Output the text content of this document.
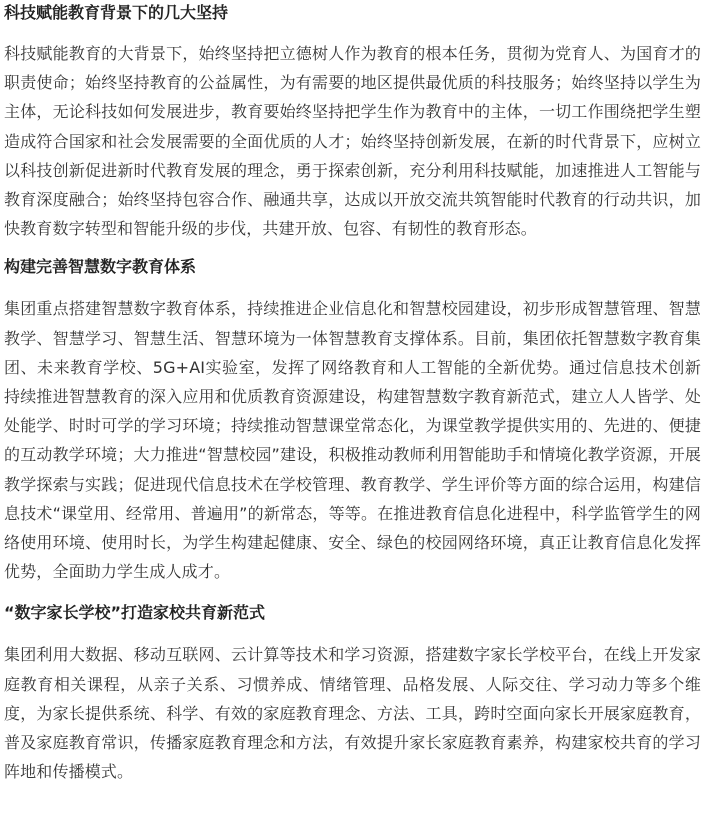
科技赋能教育背景下的几大坚持

科技赋能教育的大背景下，始终坚持把立德树人作为教育的根本任务，贯彻为党育人、为国育才的职责使命；始终坚持教育的公益属性，为有需要的地区提供最优质的科技服务；始终坚持以学生为主体，无论科技如何发展进步，教育要始终坚持把学生作为教育中的主体，一切工作围绕把学生塑造成符合国家和社会发展需要的全面优质的人才；始终坚持创新发展，在新的时代背景下，应树立以科技创新促进新时代教育发展的理念，勇于探索创新，充分利用科技赋能，加速推进人工智能与教育深度融合；始终坚持包容合作、融通共享，达成以开放交流共筑智能时代教育的行动共识，加快教育数字转型和智能升级的步伐，共建开放、包容、有韧性的教育形态。

构建完善智慧数字教育体系

集团重点搭建智慧数字教育体系，持续推进企业信息化和智慧校园建设，初步形成智慧管理、智慧教学、智慧学习、智慧生活、智慧环境为一体智慧教育支撑体系。目前，集团依托智慧数字教育集团、未来教育学校、5G+AI实验室，发挥了网络教育和人工智能的全新优势。通过信息技术创新持续推进智慧教育的深入应用和优质教育资源建设，构建智慧数字教育新范式，建立人人皆学、处处能学、时时可学的学习环境；持续推动智慧课堂常态化，为课堂教学提供实用的、先进的、便捷的互动教学环境；大力推进“智慧校园”建设，积极推动教师利用智能助手和情境化教学资源，开展教学探索与实践；促进现代信息技术在学校管理、教育教学、学生评价等方面的综合运用，构建信息技术“课堂用、经常用、普遍用”的新常态，等等。在推进教育信息化进程中，科学监管学生的网络使用环境、使用时长，为学生构建起健康、安全、绿色的校园网络环境，真正让教育信息化发挥优势，全面助力学生成人成才。

“数字家长学校”打造家校共育新范式

集团利用大数据、移动互联网、云计算等技术和学习资源，搭建数字家长学校平台，在线上开发家庭教育相关课程，从亲子关系、习惯养成、情绪管理、品格发展、人际交往、学习动力等多个维度，为家长提供系统、科学、有效的家庭教育理念、方法、工具，跨时空面向家长开展家庭教育，普及家庭教育常识，传播家庭教育理念和方法，有效提升家长家庭教育素养，构建家校共育的学习阵地和传播模式。
